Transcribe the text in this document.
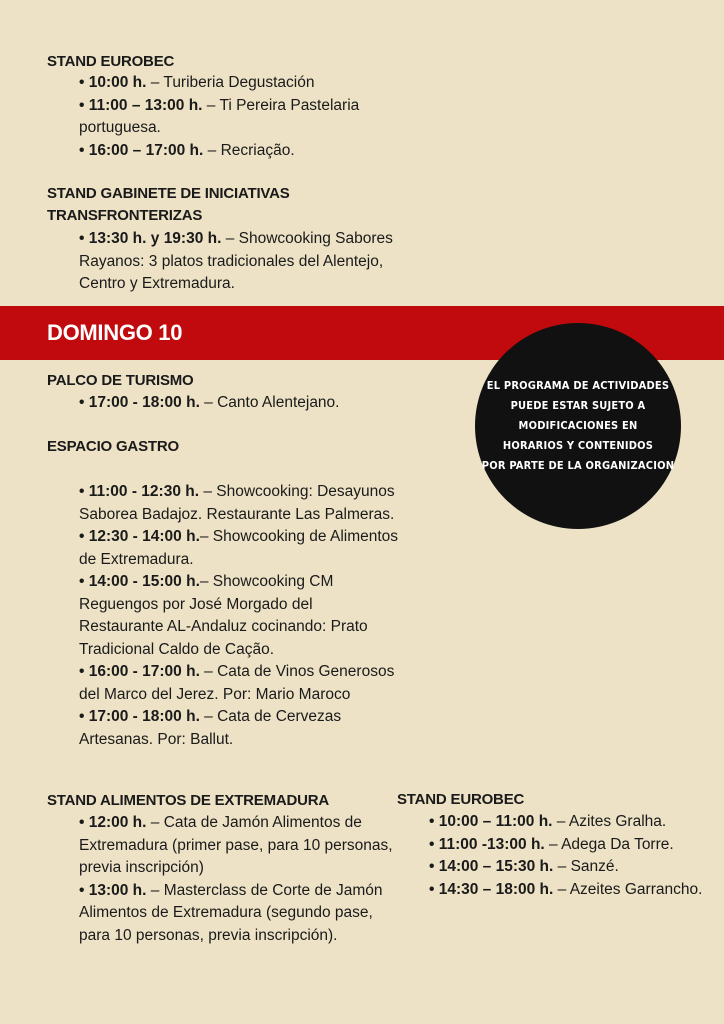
STAND EUROBEC

• 10:00 h. – Turiberia Degustación

• 11:00 – 13:00 h. – Ti Pereira Pastelaria portuguesa.

• 16:00 – 17:00 h. – Recriação.

STAND GABINETE DE INICIATIVAS
TRANSFRONTERIZAS

• 13:30 h. y 19:30 h. – Showcooking Sabores Rayanos: 3 platos tradicionales del Alentejo, Centro y Extremadura.

DOMINGO 10
EL PROGRAMA DE ACTIVIDADES
PUEDE ESTAR SUJETO A
MODIFICACIONES EN
HORARIOS Y CONTENIDOS
POR PARTE DE LA ORGANIZACION
PALCO DE TURISMO

• 17:00 - 18:00 h. – Canto Alentejano.

ESPACIO GASTRO

• 11:00 - 12:30 h. – Showcooking: Desayunos Saborea Badajoz. Restaurante Las Palmeras.

• 12:30 - 14:00 h.– Showcooking de Alimentos de Extremadura.

• 14:00 - 15:00 h.– Showcooking CM Reguengos por José Morgado del Restaurante AL-Andaluz cocinando: Prato Tradicional Caldo de Cação.

• 16:00 - 17:00 h. – Cata de Vinos Generosos del Marco del Jerez. Por: Mario Maroco

• 17:00 - 18:00 h. – Cata de Cervezas Artesanas. Por: Ballut.

STAND ALIMENTOS DE EXTREMADURA

• 12:00 h. – Cata de Jamón Alimentos de Extremadura (primer pase, para 10 personas, previa inscripción)

• 13:00 h. – Masterclass de Corte de Jamón Alimentos de Extremadura (segundo pase, para 10 personas, previa inscripción).

STAND EUROBEC

• 10:00 – 11:00 h. – Azites Gralha.

• 11:00 -13:00 h. – Adega Da Torre.

• 14:00 – 15:30 h. – Sanzé.

• 14:30 – 18:00 h. – Azeites Garrancho.
